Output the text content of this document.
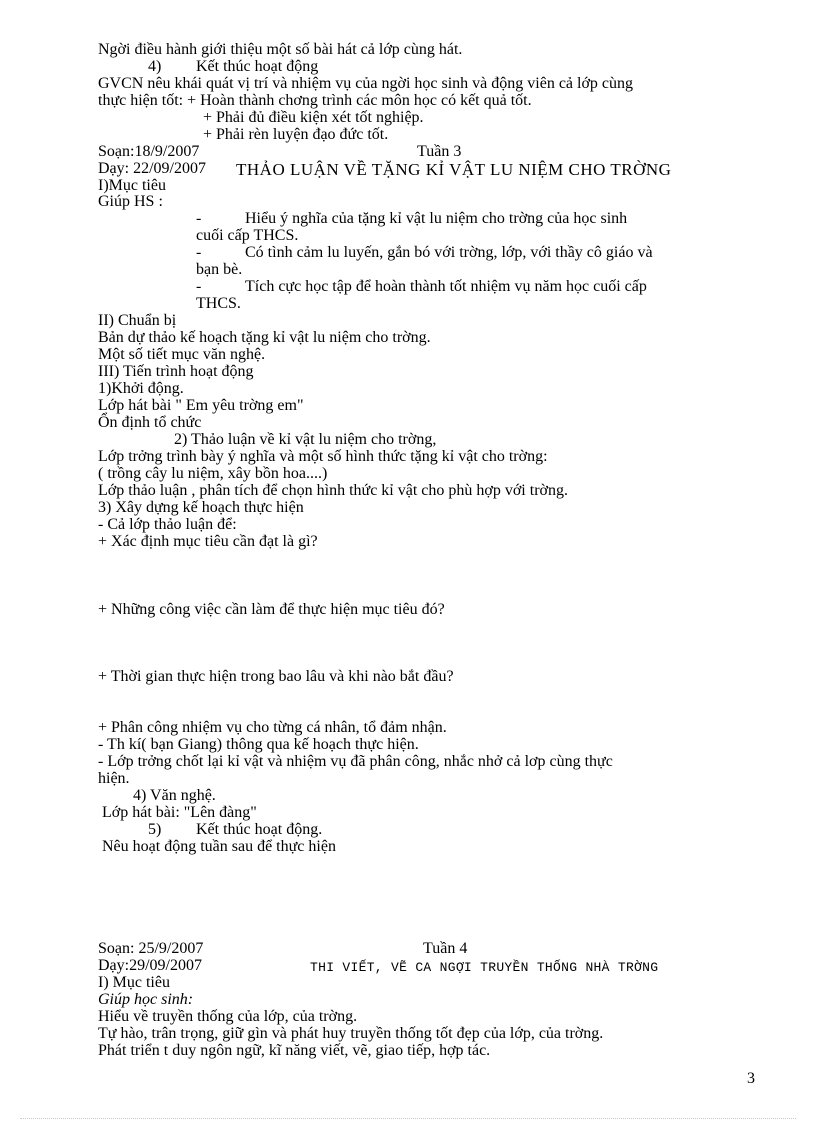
Ngời điều hành giới thiệu một số bài hát cả lớp cùng hát.
4) Kết thúc hoạt động
GVCN nêu khái quát vị trí và nhiệm vụ của ngời học sinh và động viên cả lớp cùng
thực hiện tốt: + Hoàn thành chơng trình các môn học có kết quả tốt.
+ Phải đủ điều kiện xét tốt nghiệp.
+ Phải rèn luyện đạo đức tốt.
Soạn:18/9/2007	Tuần 3
Dạy: 22/09/2007 THẢO LUẬN VỀ TẶNG KỈ VẬT LU NIỆM CHO TRỜNG
I)Mục tiêu
Giúp HS :
-	Hiểu ý nghĩa của tặng kỉ vật lu niệm cho trờng của học sinh
cuối cấp THCS.
-	Có tình cảm lu luyến, gắn bó với trờng, lớp, với thầy cô giáo và
bạn bè.
-	Tích cực học tập để hoàn thành tốt nhiệm vụ năm học cuối cấp
THCS.
II) Chuẩn bị
Bản dự thảo kế hoạch tặng kỉ vật lu niệm cho trờng.
Một số tiết mục văn nghệ.
III) Tiến trình hoạt động
1)Khởi động.
Lớp hát bài " Em yêu trờng em"
Ổn định tổ chức
2) Thảo luận về kỉ vật lu niệm cho trờng,
Lớp trởng trình bày ý nghĩa và một số hình thức tặng kỉ vật cho trờng:
( trồng cây lu niệm, xây bồn hoa....)
Lớp thảo luận , phân tích để chọn hình thức kỉ vật cho phù hợp với trờng.
3) Xây dựng kế hoạch thực hiện
- Cả lớp thảo luận để:
+ Xác định mục tiêu cần đạt là gì?
+ Những công việc cần làm để thực hiện mục tiêu đó?
+ Thời gian thực hiện trong bao lâu và khi nào bắt đầu?
+ Phân công nhiệm vụ cho từng cá nhân, tổ đảm nhận.
- Th kí( bạn Giang) thông qua kế hoạch thực hiện.
- Lớp trởng chốt lại kỉ vật và nhiệm vụ đã phân công, nhắc nhở cả lơp cùng thực
hiện.
4) Văn nghệ.
Lớp hát bài: "Lên đàng"
5) Kết thúc hoạt động.
Nêu hoạt động tuần sau để thực hiện
Soạn: 25/9/2007	Tuần 4
Dạy:29/09/2007	THI VIẾT, VẼ CA NGỢI TRUYỀN THỐNG NHÀ TRỜNG
I) Mục tiêu
Giúp học sinh:
Hiểu về truyền thống của lớp, của trờng.
Tự hào, trân trọng, giữ gìn và phát huy truyền thống tốt đẹp của lớp, của trờng.
Phát triển t duy ngôn ngữ, kĩ năng viết, vẽ, giao tiếp, hợp tác.
3
